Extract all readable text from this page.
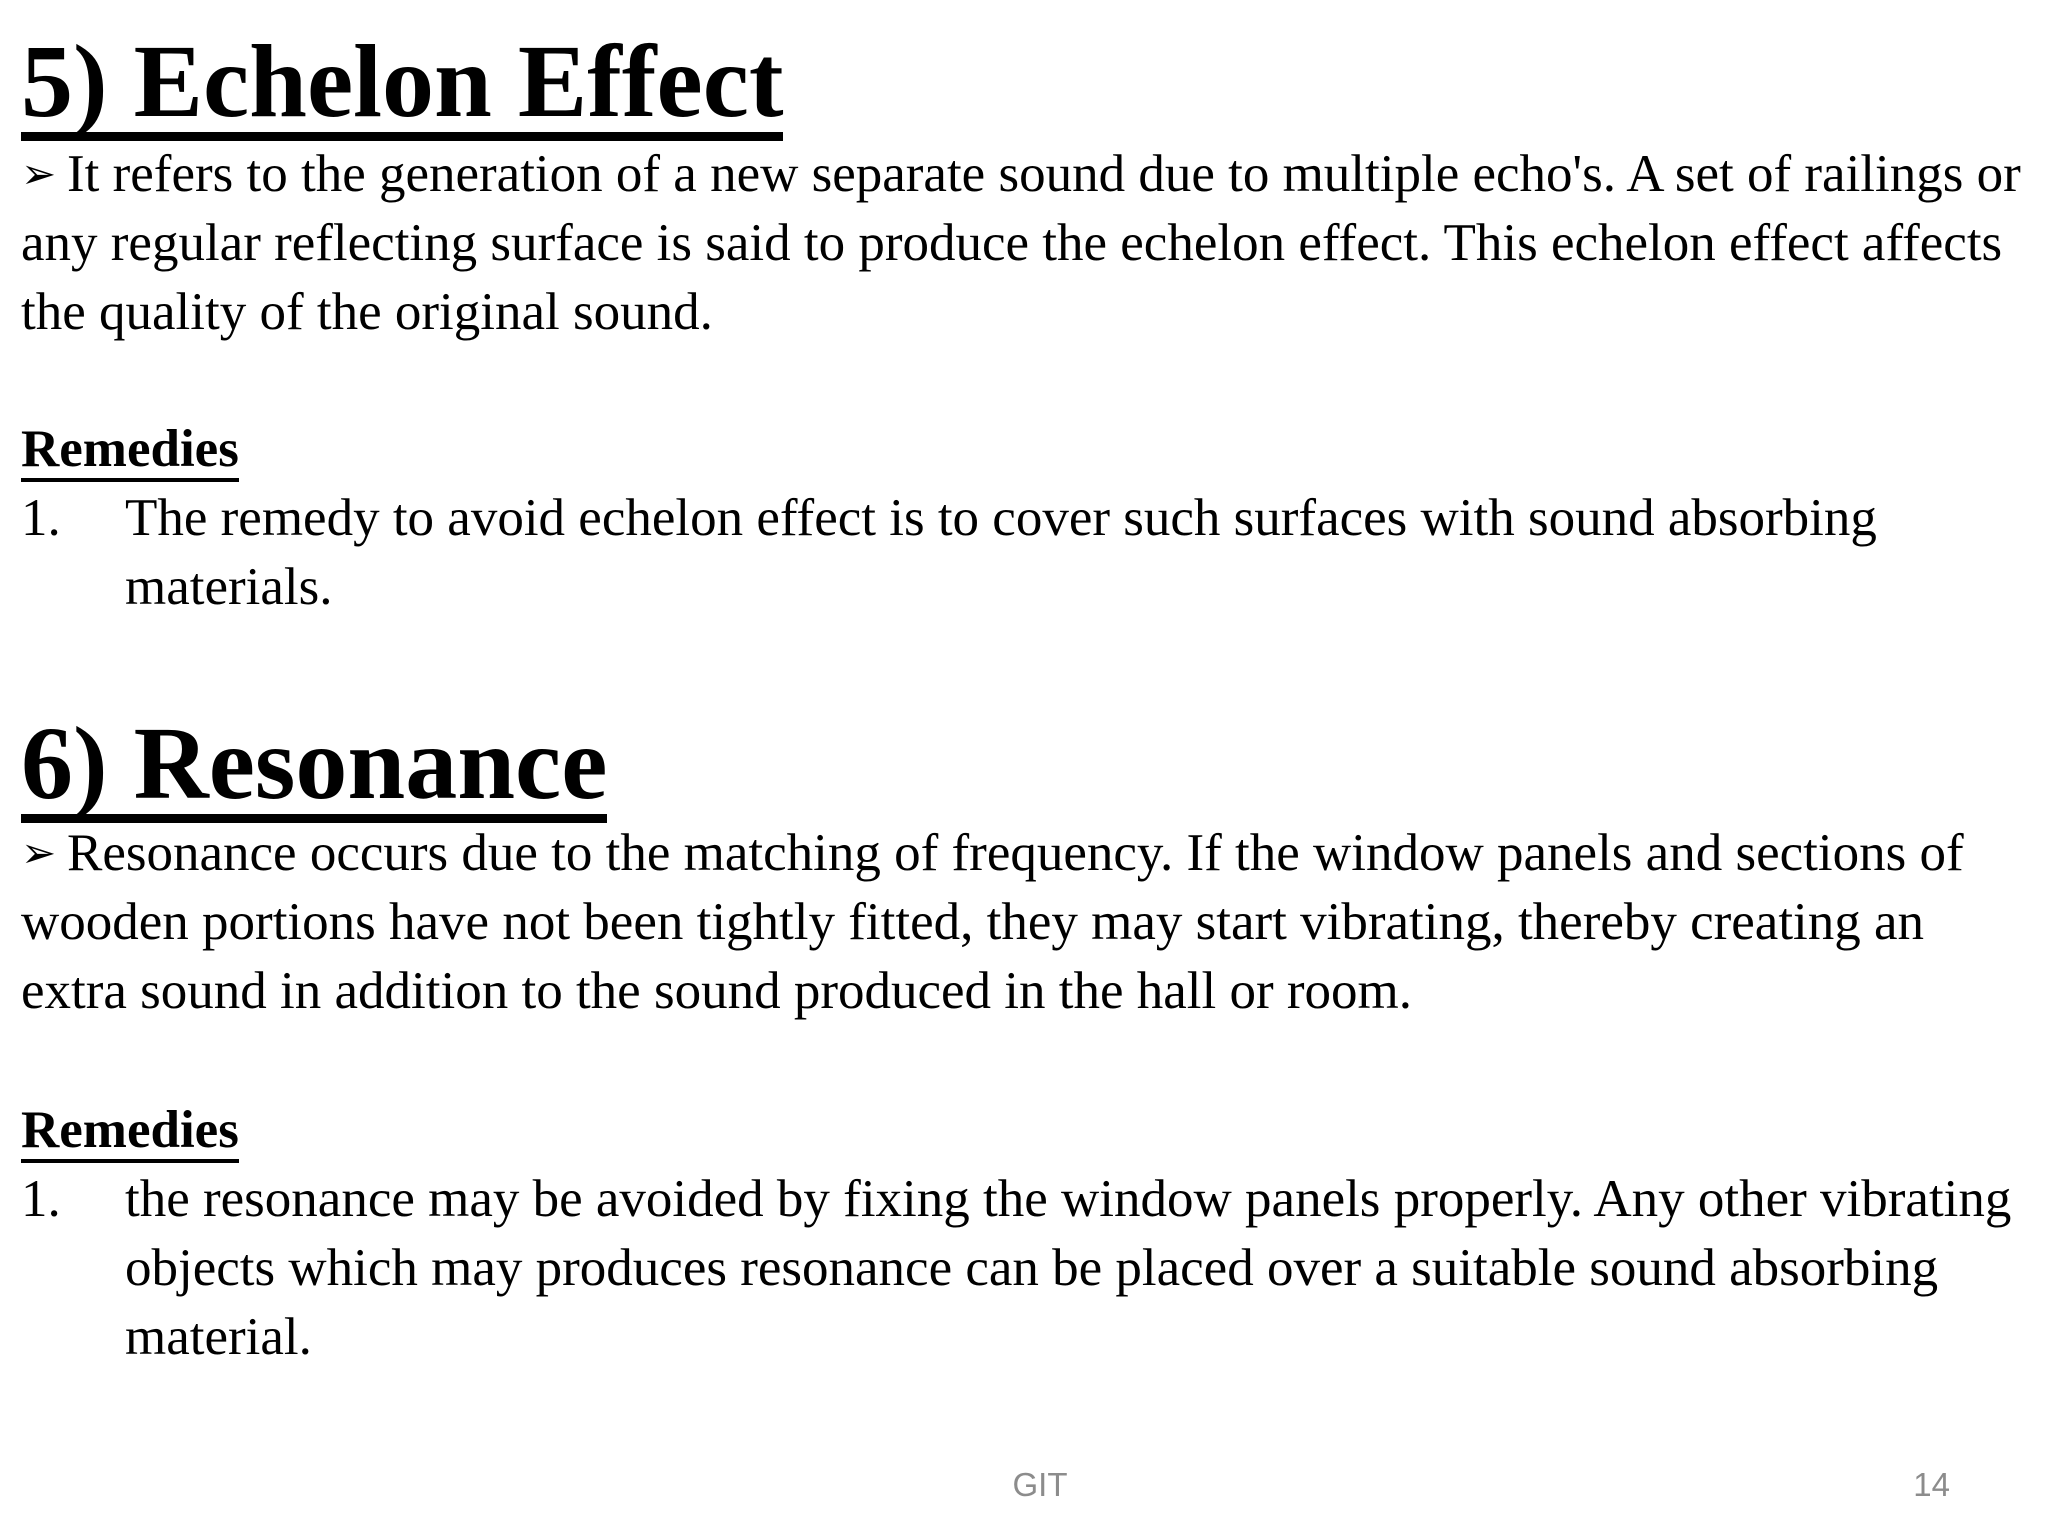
5) Echelon Effect

➢ It refers to the generation of a new separate sound due to multiple echo's. A set of railings or any regular reflecting surface is said to produce the echelon effect. This echelon effect affects the quality of the original sound.

Remedies
1. The remedy to avoid echelon effect is to cover such surfaces with sound absorbing materials.
6) Resonance

➢ Resonance occurs due to the matching of frequency. If the window panels and sections of wooden portions have not been tightly fitted, they may start vibrating, thereby creating an extra sound in addition to the sound produced in the hall or room.

Remedies
1. the resonance may be avoided by fixing the window panels properly. Any other vibrating objects which may produces resonance can be placed over a suitable sound absorbing material.
GIT	14
